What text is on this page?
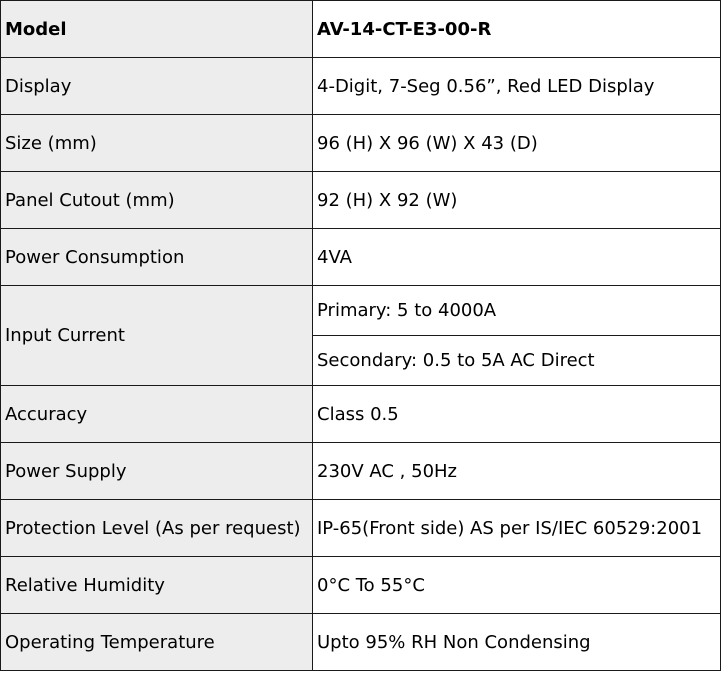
Model	AV-14-CT-E3-00-R
Display	4-Digit, 7-Seg 0.56”, Red LED Display
Size (mm)	96 (H) X 96 (W) X 43 (D)
Panel Cutout (mm)	92 (H) X 92 (W)
Power Consumption	4VA
Input Current	Primary: 5 to 4000A
	Secondary: 0.5 to 5A AC Direct
Accuracy	Class 0.5
Power Supply	230V AC , 50Hz
Protection Level (As per request)	IP-65(Front side) AS per IS/IEC 60529:2001
Relative Humidity	0°C To 55°C
Operating Temperature	Upto 95% RH Non Condensing
